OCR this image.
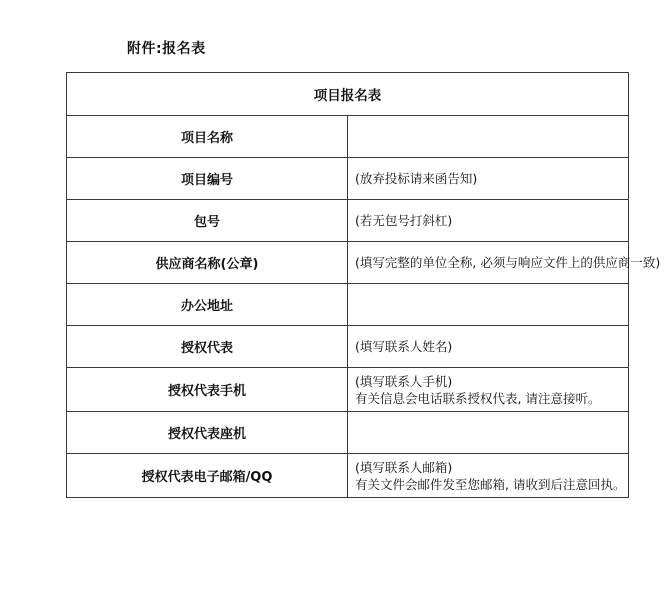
附件:报名表
项目报名表	
项目名称	
项目编号	(放弃投标请来函告知)

包号	(若无包号打斜杠)

供应商名称(公章)	(填写完整的单位全称, 必须与响应文件上的供应商一致)

办公地址	
授权代表	(填写联系人姓名)

授权代表手机	(填写联系人手机)
有关信息会电话联系授权代表, 请注意接听。

授权代表座机	
授权代表电子邮箱/QQ	(填写联系人邮箱)
有关文件会邮件发至您邮箱, 请收到后注意回执。
